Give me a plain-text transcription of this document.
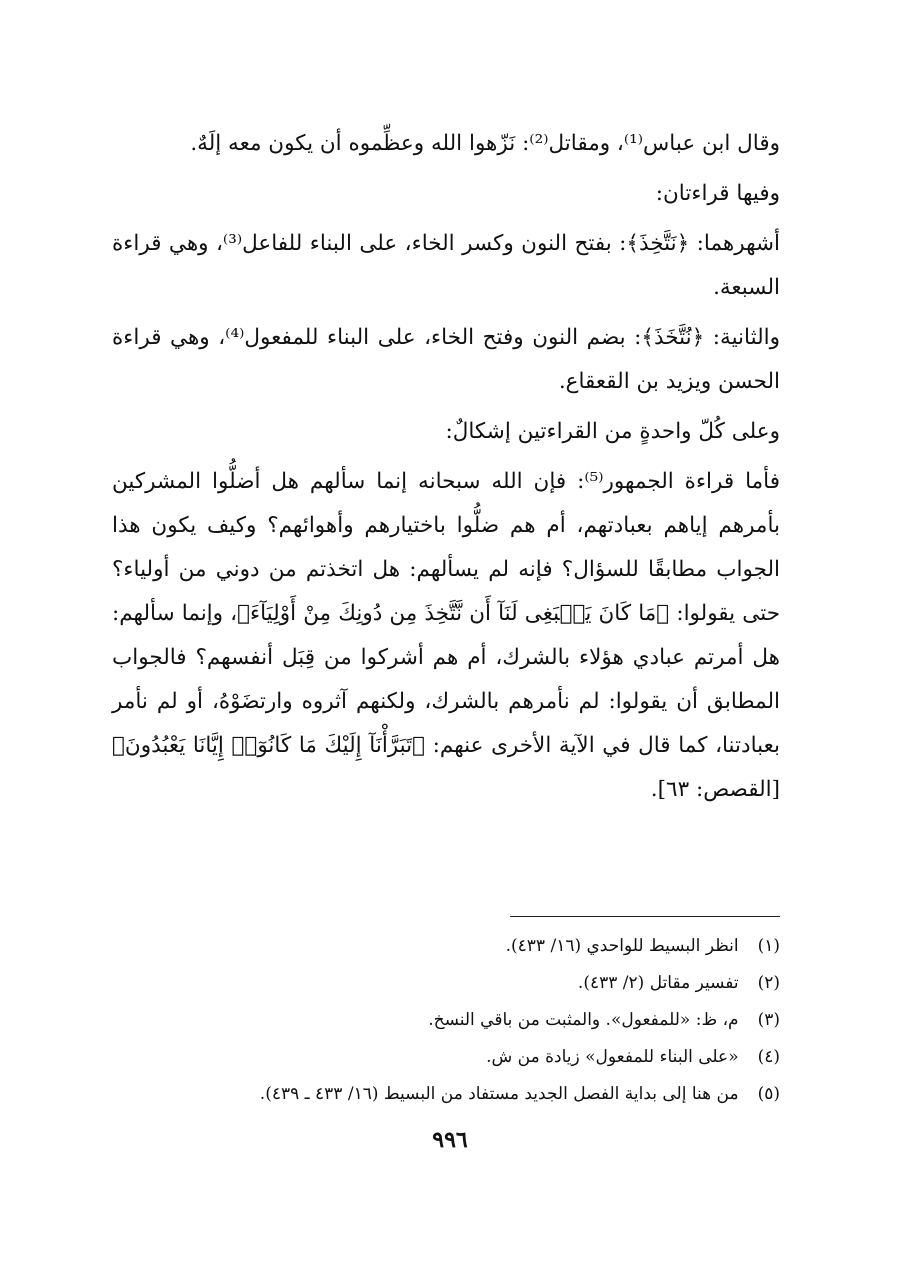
وقال ابن عباس⁽¹⁾، ومقاتل⁽²⁾: نَزّهوا الله وعظِّموه أن يكون معه إلَهٌ.

وفيها قراءتان:

أشهرهما: ﴿نَتَّخِذَ﴾: بفتح النون وكسر الخاء، على البناء للفاعل⁽³⁾، وهي قراءة السبعة.

والثانية: ﴿نُتَّخَذَ﴾: بضم النون وفتح الخاء، على البناء للمفعول⁽⁴⁾، وهي قراءة الحسن ويزيد بن القعقاع.

وعلى كُلّ واحدةٍ من القراءتين إشكالٌ:

فأما قراءة الجمهور⁽⁵⁾: فإن الله سبحانه إنما سألهم هل أضلُّوا المشركين بأمرهم إياهم بعبادتهم، أم هم ضلُّوا باختيارهم وأهوائهم؟ وكيف يكون هذا الجواب مطابقًا للسؤال؟ فإنه لم يسألهم: هل اتخذتم من دوني من أولياء؟ حتى يقولوا: ﴿مَا كَانَ يَنۢبَغِى لَنَآ أَن نَّتَّخِذَ مِن دُونِكَ مِنْ أَوْلِيَآءَ﴾، وإنما سألهم: هل أمرتم عبادي هؤلاء بالشرك، أم هم أشركوا من قِبَل أنفسهم؟ فالجواب المطابق أن يقولوا: لم نأمرهم بالشرك، ولكنهم آثروه وارتضَوْهُ، أو لم نأمر بعبادتنا، كما قال في الآية الأخرى عنهم: ﴿تَبَرَّأْنَآ إِلَيْكَ مَا كَانُوٓا۟ إِيَّانَا يَعْبُدُونَ﴾ [القصص: ٦٣].

(١) انظر البسيط للواحدي (١٦/ ٤٣٣).
(٢) تفسير مقاتل (٢/ ٤٣٣).
(٣) م، ظ: «للمفعول». والمثبت من باقي النسخ.
(٤) «على البناء للمفعول» زيادة من ش.
(٥) من هنا إلى بداية الفصل الجديد مستفاد من البسيط (١٦/ ٤٣٣ ـ ٤٣٩).
٩٩٦
